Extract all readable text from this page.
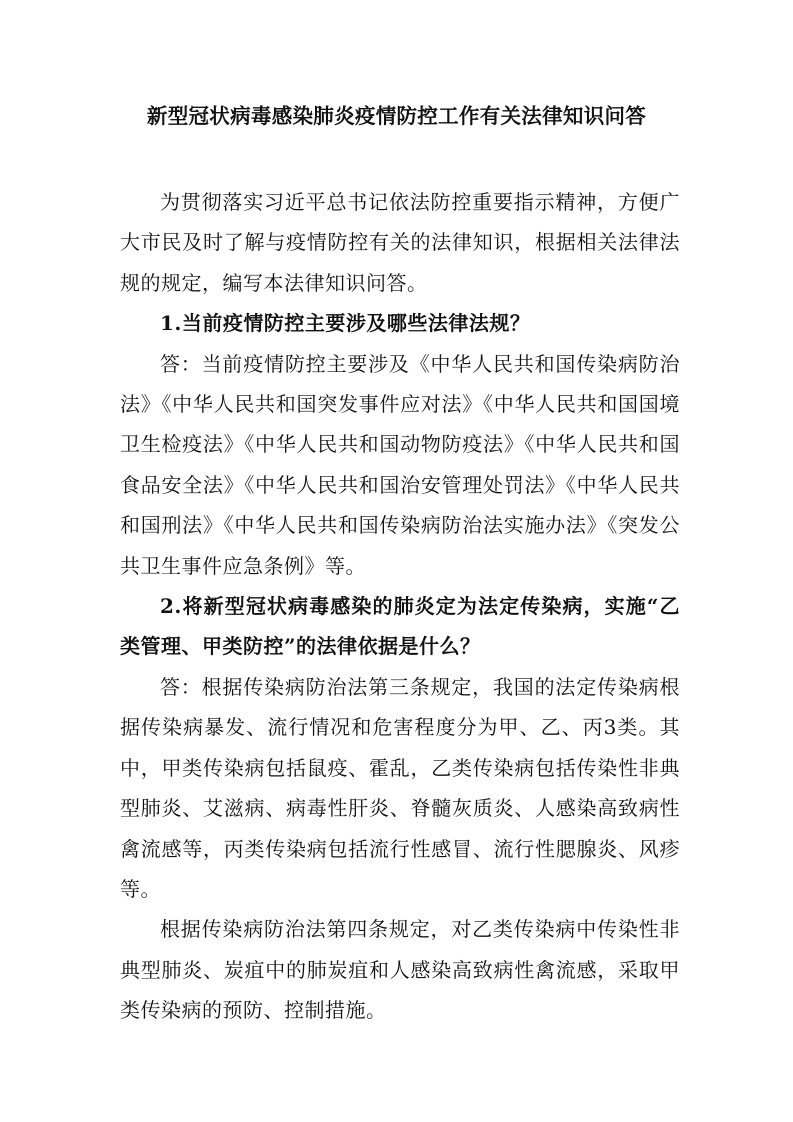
新型冠状病毒感染肺炎疫情防控工作有关法律知识问答

为贯彻落实习近平总书记依法防控重要指示精神，方便广大市民及时了解与疫情防控有关的法律知识，根据相关法律法规的规定，编写本法律知识问答。

1.当前疫情防控主要涉及哪些法律法规？

答：当前疫情防控主要涉及《中华人民共和国传染病防治法》《中华人民共和国突发事件应对法》《中华人民共和国国境卫生检疫法》《中华人民共和国动物防疫法》《中华人民共和国食品安全法》《中华人民共和国治安管理处罚法》《中华人民共和国刑法》《中华人民共和国传染病防治法实施办法》《突发公共卫生事件应急条例》等。

2.将新型冠状病毒感染的肺炎定为法定传染病，实施“乙类管理、甲类防控”的法律依据是什么？

答：根据传染病防治法第三条规定，我国的法定传染病根据传染病暴发、流行情况和危害程度分为甲、乙、丙3类。其中，甲类传染病包括鼠疫、霍乱，乙类传染病包括传染性非典型肺炎、艾滋病、病毒性肝炎、脊髓灰质炎、人感染高致病性禽流感等，丙类传染病包括流行性感冒、流行性腮腺炎、风疹等。

根据传染病防治法第四条规定，对乙类传染病中传染性非典型肺炎、炭疽中的肺炭疽和人感染高致病性禽流感，采取甲类传染病的预防、控制措施。
